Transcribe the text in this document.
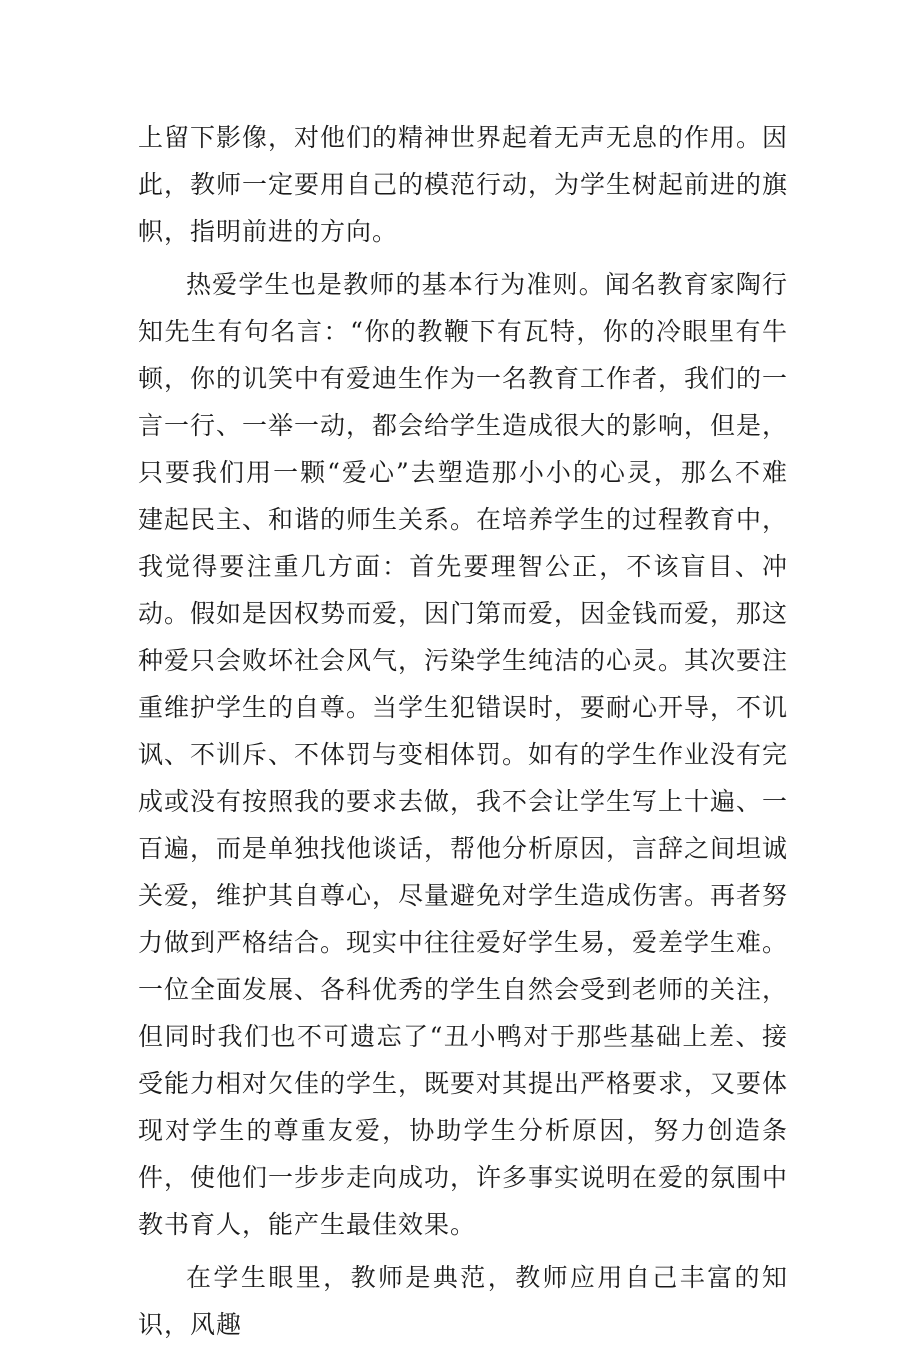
上留下影像，对他们的精神世界起着无声无息的作用。因此，教师一定要用自己的模范行动，为学生树起前进的旗帜，指明前进的方向。

热爱学生也是教师的基本行为准则。闻名教育家陶行知先生有句名言：“你的教鞭下有瓦特，你的冷眼里有牛顿，你的讥笑中有爱迪生作为一名教育工作者，我们的一言一行、一举一动，都会给学生造成很大的影响，但是，只要我们用一颗“爱心”去塑造那小小的心灵，那么不难建起民主、和谐的师生关系。在培养学生的过程教育中，我觉得要注重几方面：首先要理智公正，不该盲目、冲动。假如是因权势而爱，因门第而爱，因金钱而爱，那这种爱只会败坏社会风气，污染学生纯洁的心灵。其次要注重维护学生的自尊。当学生犯错误时，要耐心开导，不讥讽、不训斥、不体罚与变相体罚。如有的学生作业没有完成或没有按照我的要求去做，我不会让学生写上十遍、一百遍，而是单独找他谈话，帮他分析原因，言辞之间坦诚关爱，维护其自尊心，尽量避免对学生造成伤害。再者努力做到严格结合。现实中往往爱好学生易，爱差学生难。一位全面发展、各科优秀的学生自然会受到老师的关注，但同时我们也不可遗忘了“丑小鸭对于那些基础上差、接受能力相对欠佳的学生，既要对其提出严格要求，又要体现对学生的尊重友爱，协助学生分析原因，努力创造条件，使他们一步步走向成功，许多事实说明在爱的氛围中教书育人，能产生最佳效果。

在学生眼里，教师是典范，教师应用自己丰富的知识，风趣
